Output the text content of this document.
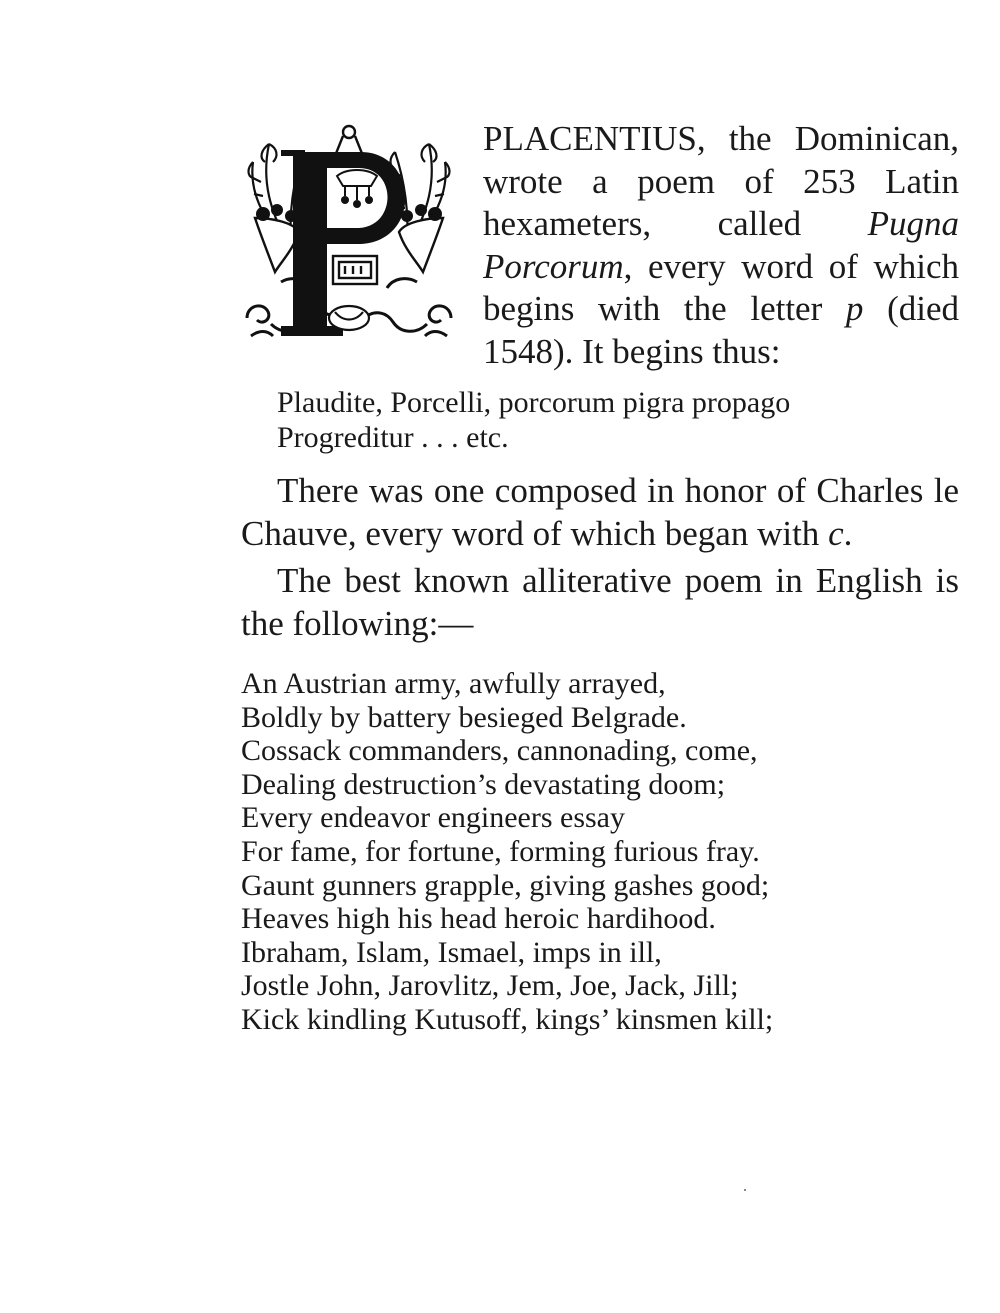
PLACENTIUS, the Dominican, wrote a poem of 253 Latin hexameters, called Pugna Porcorum, every word of which begins with the letter p (died 1548). It begins thus:

Plaudite, Porcelli, porcorum pigra propago
Progreditur . . . etc.

There was one composed in honor of Charles le Chauve, every word of which began with c.

The best known alliterative poem in English is the following:—

An Austrian army, awfully arrayed,
Boldly by battery besieged Belgrade.
Cossack commanders, cannonading, come,
Dealing destruction’s devastating doom;
Every endeavor engineers essay
For fame, for fortune, forming furious fray.
Gaunt gunners grapple, giving gashes good;
Heaves high his head heroic hardihood.
Ibraham, Islam, Ismael, imps in ill,
Jostle John, Jarovlitz, Jem, Joe, Jack, Jill;
Kick kindling Kutusoff, kings’ kinsmen kill;
